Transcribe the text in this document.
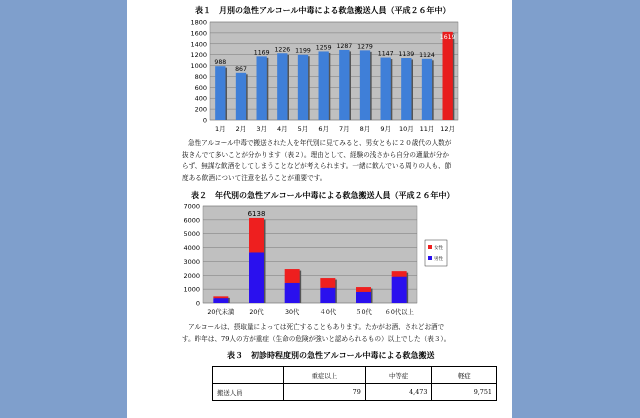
表１　月別の急性アルコール中毒による救急搬送人員（平成２６年中）
0
200
400
600
800
1000
1200
1400
1600
1800
988
1月
867
2月
1169
3月
1226
4月
1199
5月
1259
6月
1287
7月
1279
8月
1147
9月
1139
10月
1124
11月
1619
12月
急性アルコール中毒で搬送された人を年代別に見てみると、男女ともに２０歳代の人数が
抜きんでて多いことが分かります（表２）。理由として、経験の浅さから自分の適量が分か
らず、無謀な飲酒をしてしまうことなどが考えられます。一緒に飲んでいる周りの人も、節
度ある飲酒について注意を払うことが重要です。
表２　年代別の急性アルコール中毒による救急搬送人員（平成２６年中）
0
1000
2000
3000
4000
5000
6000
7000
20代未満
6138
20代	30代	４0代	５0代 ６0代以上
女性
男性
アルコールは、摂取量によっては死亡することもあります。たかがお酒、されどお酒で
す。昨年は、79人の方が重症（生命の危険が強いと認められるもの）以上でした（表３）。
表３　初診時程度別の急性アルコール中毒による救急搬送
	重症以上	中等症	軽症
搬送人員	79	4,473	9,751
